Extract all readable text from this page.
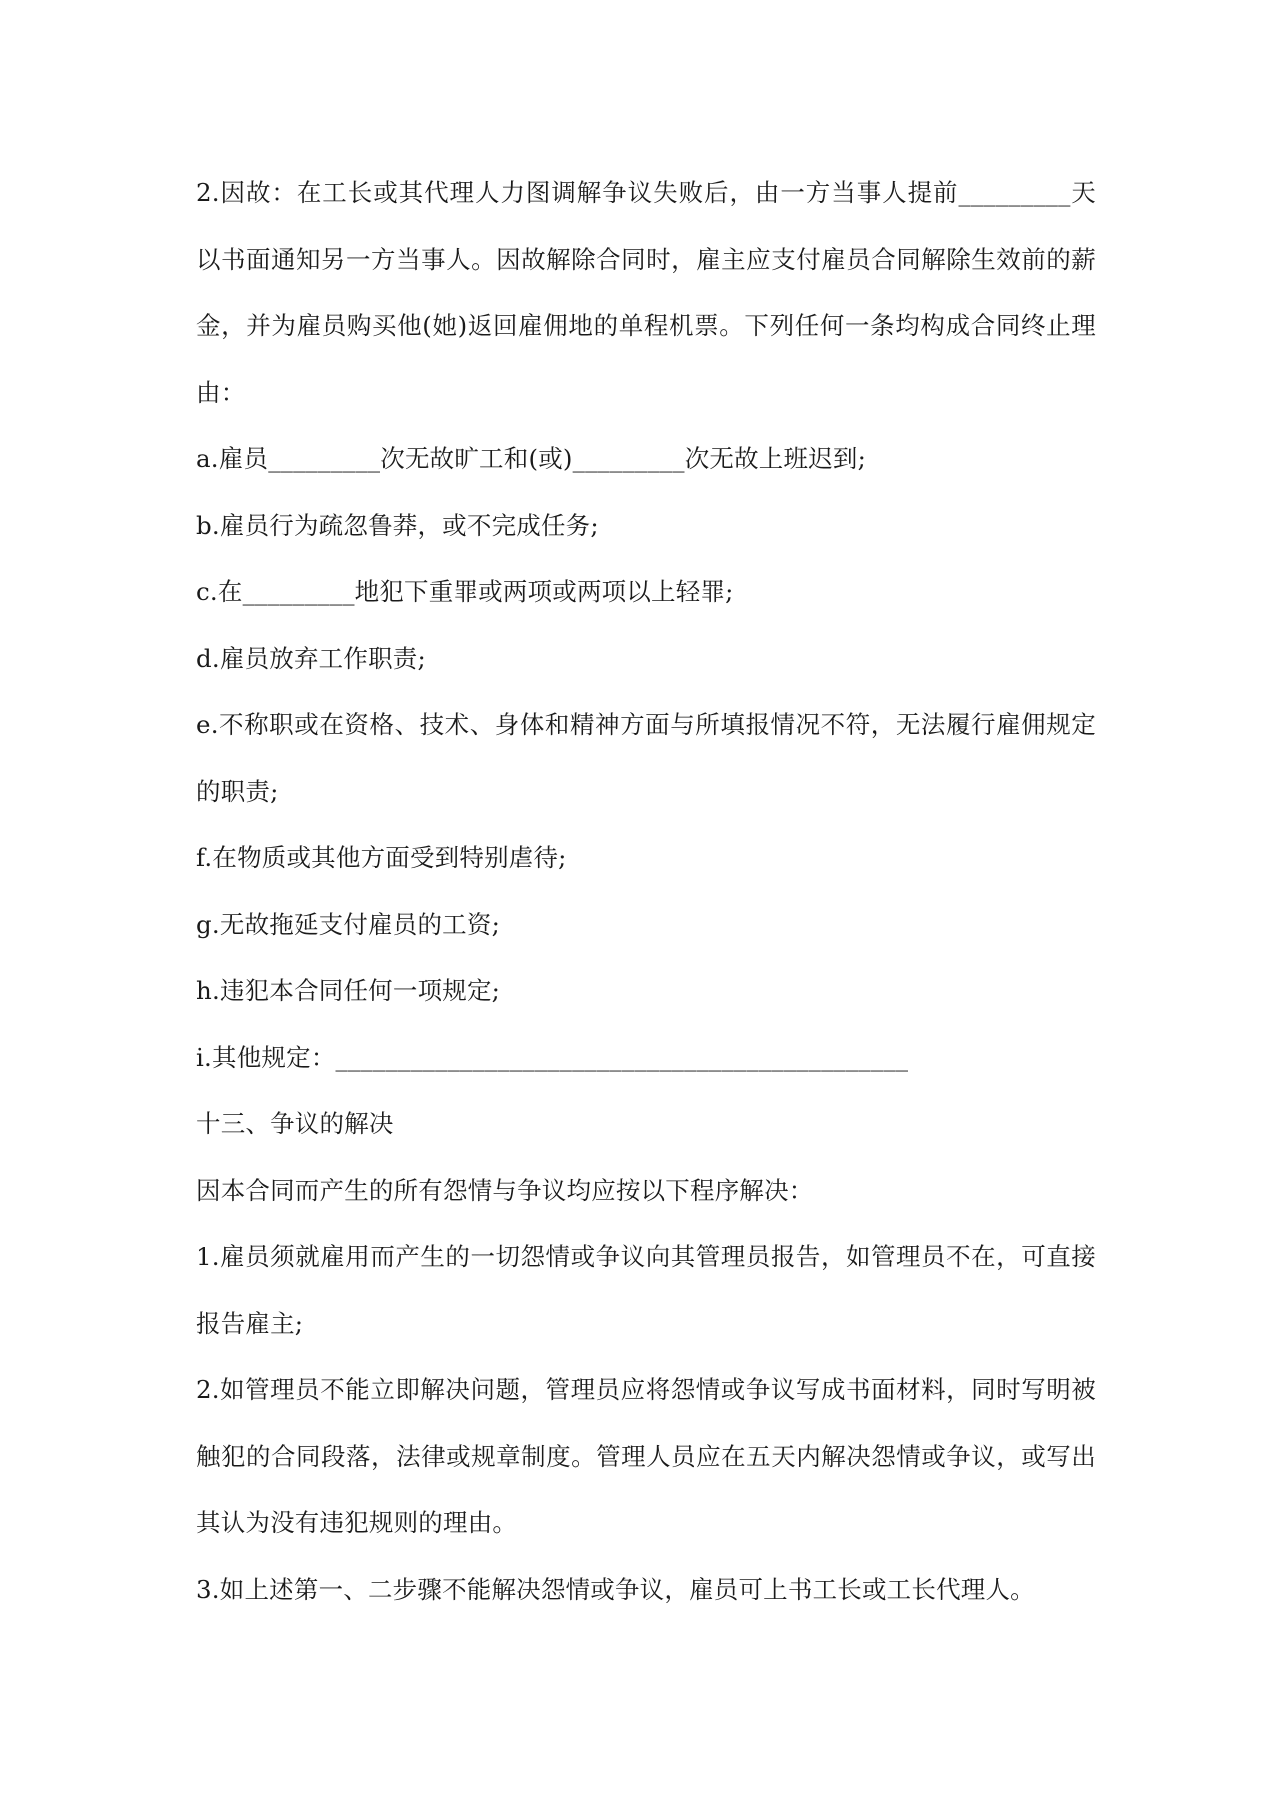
2.因故：在工长或其代理人力图调解争议失败后，由一方当事人提前_________天以书面通知另一方当事人。因故解除合同时，雇主应支付雇员合同解除生效前的薪金，并为雇员购买他(她)返回雇佣地的单程机票。下列任何一条均构成合同终止理由：

a.雇员_________次无故旷工和(或)_________次无故上班迟到;

b.雇员行为疏忽鲁莽，或不完成任务;

c.在_________地犯下重罪或两项或两项以上轻罪;

d.雇员放弃工作职责;

e.不称职或在资格、技术、身体和精神方面与所填报情况不符，无法履行雇佣规定的职责;

f.在物质或其他方面受到特别虐待;

g.无故拖延支付雇员的工资;

h.违犯本合同任何一项规定;

i.其他规定：______________________________________________

十三、争议的解决

因本合同而产生的所有怨情与争议均应按以下程序解决：

1.雇员须就雇用而产生的一切怨情或争议向其管理员报告，如管理员不在，可直接报告雇主;

2.如管理员不能立即解决问题，管理员应将怨情或争议写成书面材料，同时写明被触犯的合同段落，法律或规章制度。管理人员应在五天内解决怨情或争议，或写出其认为没有违犯规则的理由。

3.如上述第一、二步骤不能解决怨情或争议，雇员可上书工长或工长代理人。
